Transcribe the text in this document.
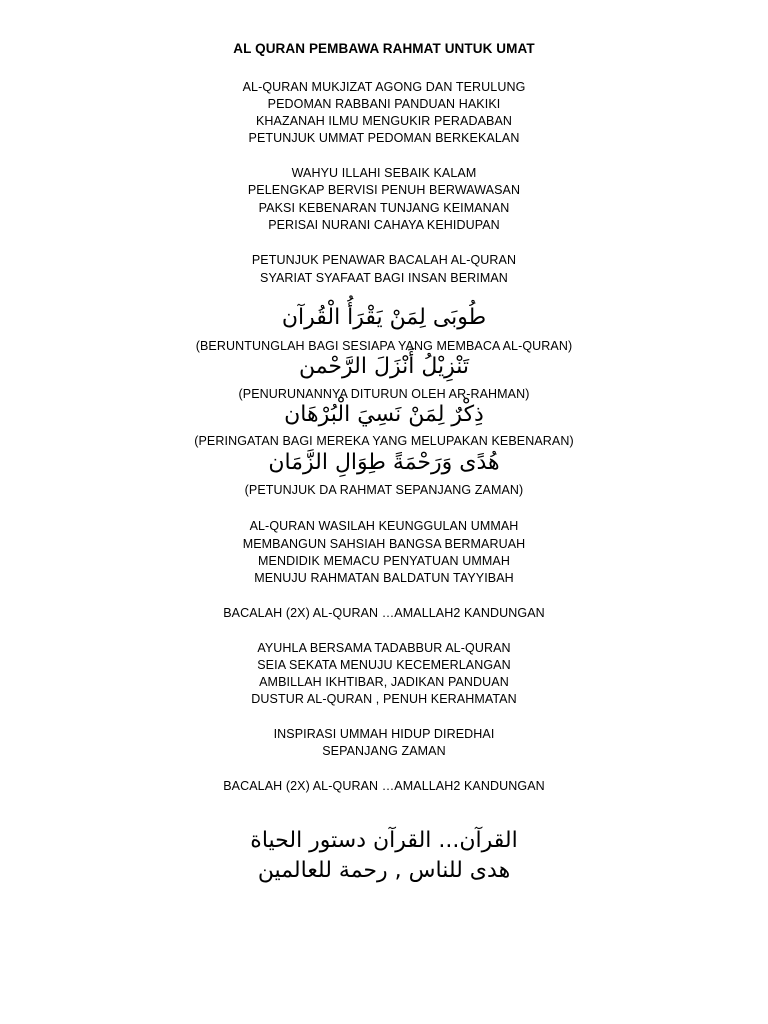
AL QURAN PEMBAWA RAHMAT UNTUK UMAT
AL-QURAN MUKJIZAT AGONG DAN TERULUNG
PEDOMAN RABBANI PANDUAN HAKIKI
KHAZANAH ILMU MENGUKIR PERADABAN
PETUNJUK UMMAT PEDOMAN BERKEKALAN
WAHYU ILLAHI SEBAIK KALAM
PELENGKAP BERVISI PENUH BERWAWASAN
PAKSI KEBENARAN TUNJANG KEIMANAN
PERISAI NURANI CAHAYA KEHIDUPAN
PETUNJUK PENAWAR BACALAH AL-QURAN
SYARIAT SYAFAAT BAGI INSAN BERIMAN
طُوبَى لِمَنْ يَقْرَأُ الْقُرآن
(BERUNTUNGLAH BAGI SESIAPA YANG MEMBACA AL-QURAN)
تَنْزِيْلُ أَنْزَلَ الرَّحْمن
(PENURUNANNYA DITURUN OLEH AR-RAHMAN)
ذِكْرٌ لِمَنْ نَسِيَ الْبُرْهَان
(PERINGATAN BAGI MEREKA YANG MELUPAKAN KEBENARAN)
هُدًى وَرَحْمَةً طِوَالِ الزَّمَان
(PETUNJUK DA RAHMAT SEPANJANG ZAMAN)
AL-QURAN WASILAH KEUNGGULAN UMMAH
MEMBANGUN SAHSIAH BANGSA BERMARUAH
MENDIDIK MEMACU PENYATUAN UMMAH
MENUJU RAHMATAN BALDATUN TAYYIBAH
BACALAH (2X) AL-QURAN …AMALLAH2 KANDUNGAN
AYUHLA BERSAMA TADABBUR AL-QURAN
SEIA SEKATA MENUJU KECEMERLANGAN
AMBILLAH IKHTIBAR, JADIKAN PANDUAN
DUSTUR AL-QURAN , PENUH KERAHMATAN
INSPIRASI UMMAH HIDUP DIREDHAI
SEPANJANG ZAMAN
BACALAH (2X) AL-QURAN …AMALLAH2 KANDUNGAN
القرآن... القرآن دستور الحياة
هدى للناس , رحمة للعالمين
